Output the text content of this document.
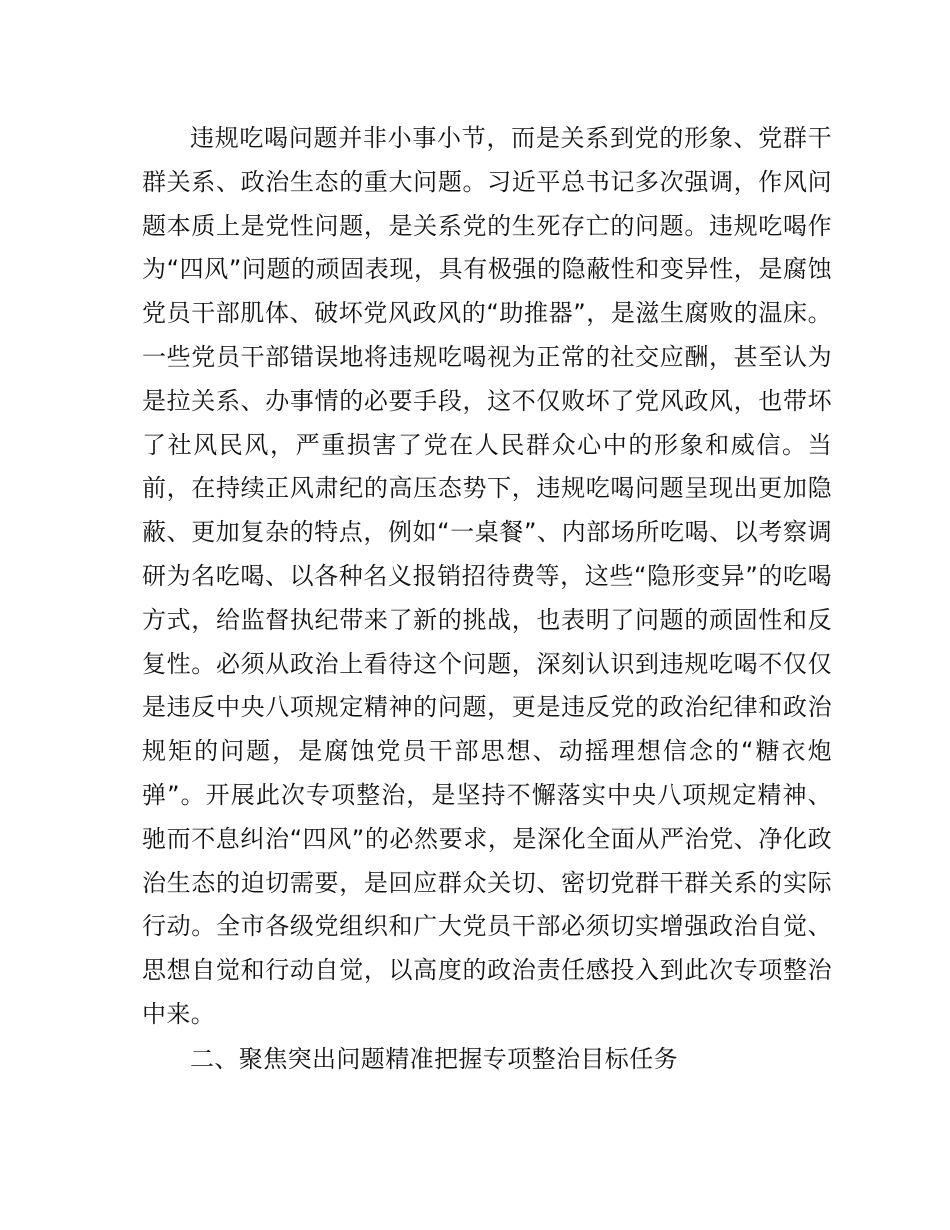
违规吃喝问题并非小事小节，而是关系到党的形象、党群干群关系、政治生态的重大问题。习近平总书记多次强调，作风问题本质上是党性问题，是关系党的生死存亡的问题。违规吃喝作为“四风”问题的顽固表现，具有极强的隐蔽性和变异性，是腐蚀党员干部肌体、破坏党风政风的“助推器”，是滋生腐败的温床。一些党员干部错误地将违规吃喝视为正常的社交应酬，甚至认为是拉关系、办事情的必要手段，这不仅败坏了党风政风，也带坏了社风民风，严重损害了党在人民群众心中的形象和威信。当前，在持续正风肃纪的高压态势下，违规吃喝问题呈现出更加隐蔽、更加复杂的特点，例如“一桌餐”、内部场所吃喝、以考察调研为名吃喝、以各种名义报销招待费等，这些“隐形变异”的吃喝方式，给监督执纪带来了新的挑战，也表明了问题的顽固性和反复性。必须从政治上看待这个问题，深刻认识到违规吃喝不仅仅是违反中央八项规定精神的问题，更是违反党的政治纪律和政治规矩的问题，是腐蚀党员干部思想、动摇理想信念的“糖衣炮弹”。开展此次专项整治，是坚持不懈落实中央八项规定精神、驰而不息纠治“四风”的必然要求，是深化全面从严治党、净化政治生态的迫切需要，是回应群众关切、密切党群干群关系的实际行动。全市各级党组织和广大党员干部必须切实增强政治自觉、思想自觉和行动自觉，以高度的政治责任感投入到此次专项整治中来。

二、聚焦突出问题精准把握专项整治目标任务
